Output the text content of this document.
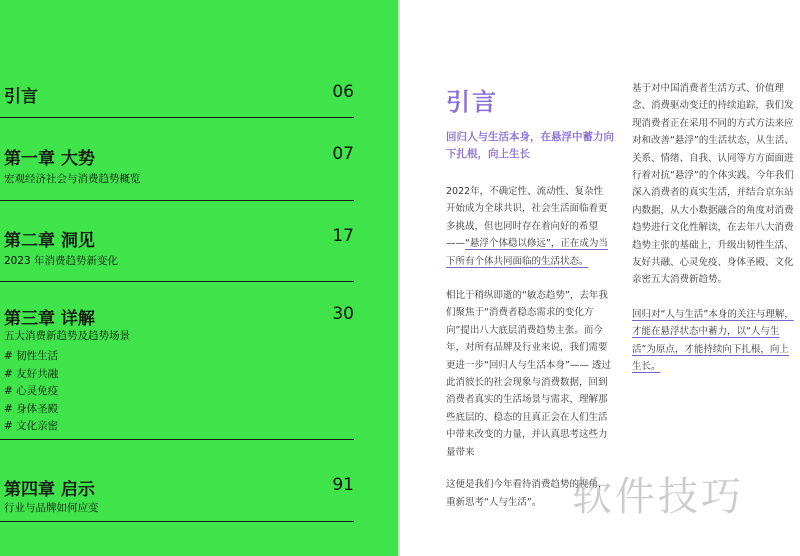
引言	06
第一章 大势	07
宏观经济社会与消费趋势概览
第二章 洞见	17
2023 年消费趋势新变化
第三章 详解	30
五大消费新趋势及趋势场景
# 韧性生活
# 友好共融
# 心灵免疫
# 身体圣殿
# 文化亲密
第四章 启示	91
行业与品牌如何应变
引言
回归人与生活本身，在悬浮中蓄力向下扎根，向上生长

2022年，不确定性、流动性、复杂性开始成为全球共识，社会生活面临着更多挑战，但也同时存在着向好的希望 ——“悬浮个体稳以修远”，正在成为当下所有个体共同面临的生活状态。

相比于稍纵即逝的“敏态趋势”，去年我们聚焦于“消费者稳态需求的变化方向”提出八大底层消费趋势主张。而今年，对所有品牌及行业来说，我们需要更进一步“回归人与生活本身”—— 透过此消彼长的社会现象与消费数据，回到消费者真实的生活场景与需求，理解那些底层的、稳态的且真正会在人们生活中带来改变的力量，并认真思考这些力量带来

这便是我们今年看待消费趋势的视角，重新思考“人与生活”。

基于对中国消费者生活方式、价值理念、消费驱动变迁的持续追踪，我们发现消费者正在采用不同的方式方法来应对和改善“悬浮”的生活状态，从生活、关系、情绪、自我、认同等方方面面进行着对抗“悬浮”的个体实践。今年我们深入消费者的真实生活，并结合京东站内数据，从大小数据融合的角度对消费趋势进行文化性解读，在去年八大消费趋势主张的基础上，升级出韧性生活、友好共融、心灵免疫、身体圣殿、文化亲密五大消费新趋势。

回归对“人与生活”本身的关注与理解，才能在悬浮状态中蓄力，以“人与生活”为原点，才能持续向下扎根，向上生长。

软件技巧
